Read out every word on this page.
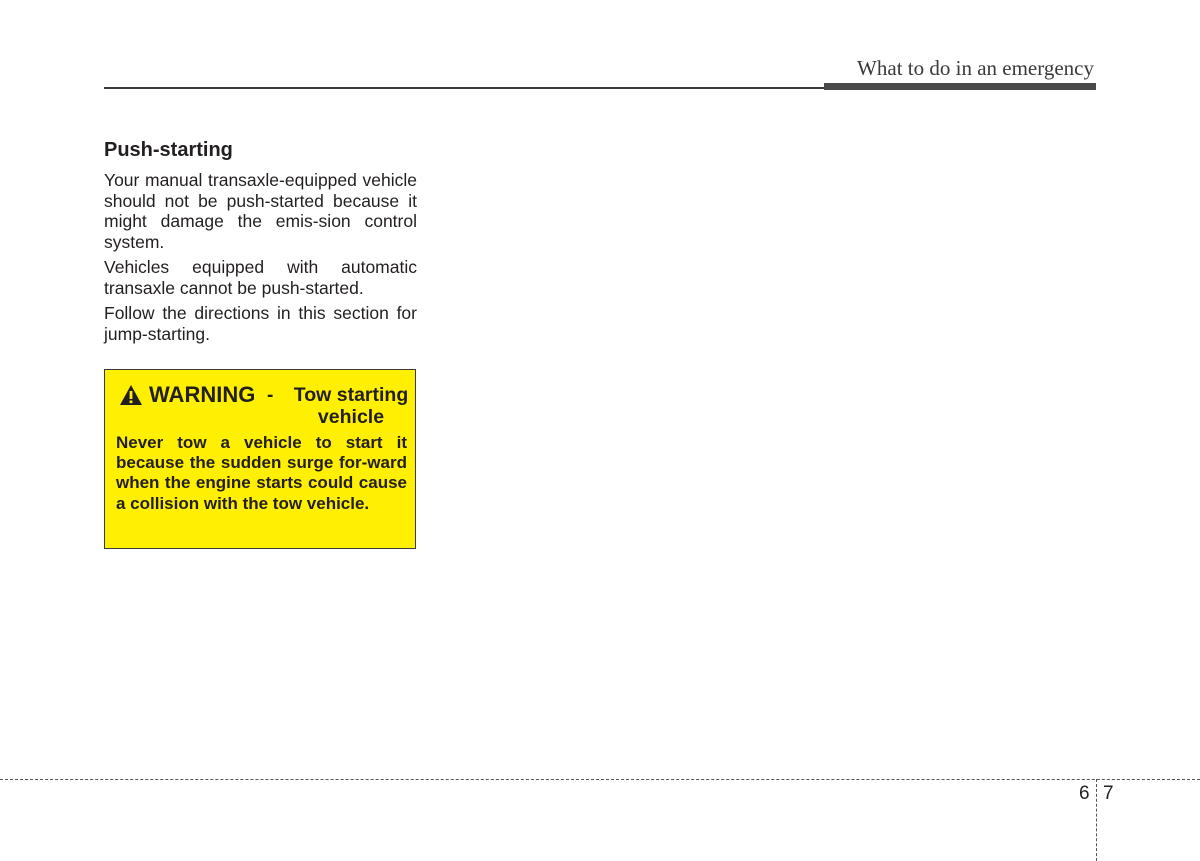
What to do in an emergency
Push-starting

Your manual transaxle-equipped vehicle should not be push-started because it might damage the emis-sion control system.

Vehicles equipped with automatic transaxle cannot be push-started.

Follow the directions in this section for jump-starting.

WARNING -	Tow starting vehicle

Never tow a vehicle to start it because the sudden surge for-ward when the engine starts could cause a collision with the tow vehicle.

6 7
